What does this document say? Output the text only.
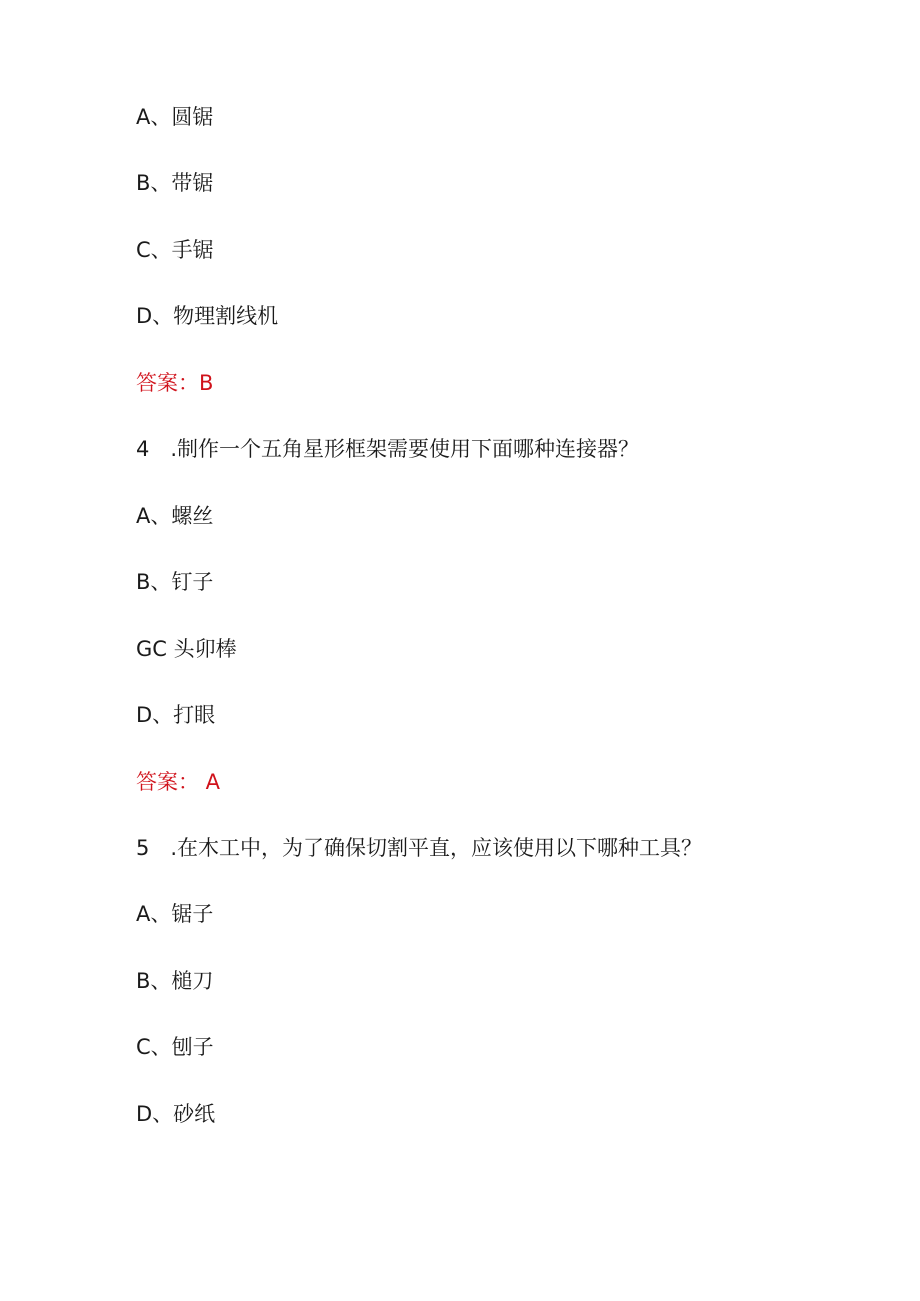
A、圆锯
B、带锯
C、手锯
D、物理割线机
答案：B
4　.制作一个五角星形框架需要使用下面哪种连接器？
A、螺丝
B、钉子
GC 头卯棒
D、打眼
答案： A
5　.在木工中，为了确保切割平直，应该使用以下哪种工具？
A、锯子
B、槌刀
C、刨子
D、砂纸
